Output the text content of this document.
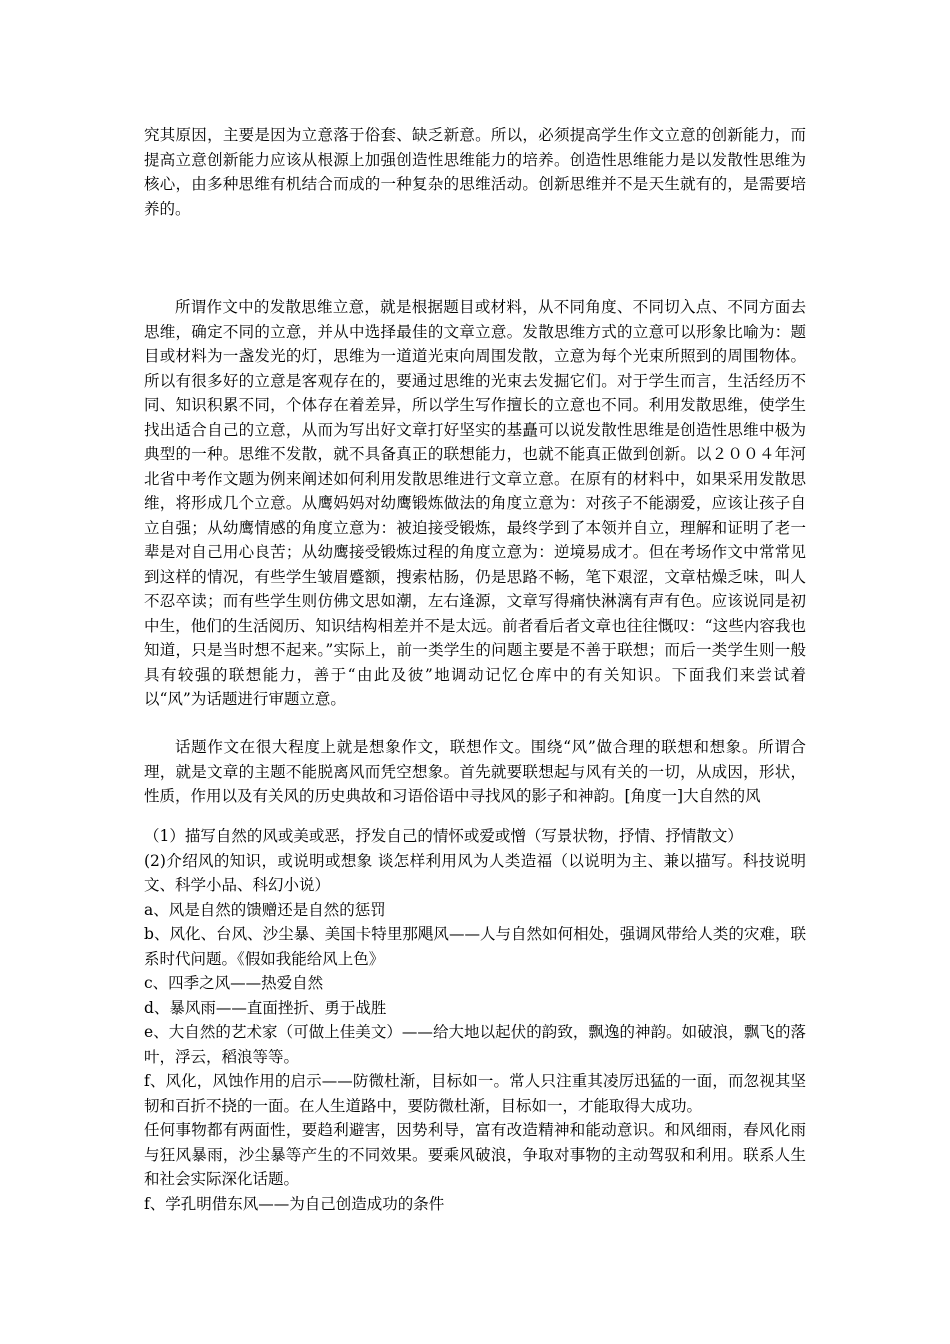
究其原因，主要是因为立意落于俗套、缺乏新意。所以，必须提高学生作文立意的创新能力，而提高立意创新能力应该从根源上加强创造性思维能力的培养。创造性思维能力是以发散性思维为核心，由多种思维有机结合而成的一种复杂的思维活动。创新思维并不是天生就有的，是需要培养的。

所谓作文中的发散思维立意，就是根据题目或材料，从不同角度、不同切入点、不同方面去思维，确定不同的立意，并从中选择最佳的文章立意。发散思维方式的立意可以形象比喻为：题目或材料为一盏发光的灯，思维为一道道光束向周围发散，立意为每个光束所照到的周围物体。所以有很多好的立意是客观存在的，要通过思维的光束去发掘它们。对于学生而言，生活经历不同、知识积累不同，个体存在着差异，所以学生写作擅长的立意也不同。利用发散思维，使学生找出适合自己的立意，从而为写出好文章打好坚实的基矗可以说发散性思维是创造性思维中极为典型的一种。思维不发散，就不具备真正的联想能力，也就不能真正做到创新。以２００４年河北省中考作文题为例来阐述如何利用发散思维进行文章立意。在原有的材料中，如果采用发散思维，将形成几个立意。从鹰妈妈对幼鹰锻炼做法的角度立意为：对孩子不能溺爱，应该让孩子自立自强；从幼鹰情感的角度立意为：被迫接受锻炼，最终学到了本领并自立，理解和证明了老一辈是对自己用心良苦；从幼鹰接受锻炼过程的角度立意为：逆境易成才。但在考场作文中常常见到这样的情况，有些学生皱眉蹙额，搜索枯肠，仍是思路不畅，笔下艰涩，文章枯燥乏味，叫人不忍卒读；而有些学生则仿佛文思如潮，左右逢源，文章写得痛快淋漓有声有色。应该说同是初中生，他们的生活阅历、知识结构相差并不是太远。前者看后者文章也往往慨叹：“这些内容我也知道，只是当时想不起来。”实际上，前一类学生的问题主要是不善于联想；而后一类学生则一般具有较强的联想能力，善于“由此及彼”地调动记忆仓库中的有关知识。下面我们来尝试着以“风”为话题进行审题立意。

话题作文在很大程度上就是想象作文，联想作文。围绕“风”做合理的联想和想象。所谓合理，就是文章的主题不能脱离风而凭空想象。首先就要联想起与风有关的一切，从成因，形状，性质，作用以及有关风的历史典故和习语俗语中寻找风的影子和神韵。[角度一]大自然的风

（1）描写自然的风或美或恶，抒发自己的情怀或爱或憎（写景状物，抒情、抒情散文）
(2)介绍风的知识，或说明或想象 谈怎样利用风为人类造福（以说明为主、兼以描写。科技说明文、科学小品、科幻小说）
a、风是自然的馈赠还是自然的惩罚
b、风化、台风、沙尘暴、美国卡特里那飓风——人与自然如何相处，强调风带给人类的灾难，联系时代问题。《假如我能给风上色》
c、四季之风——热爱自然
d、暴风雨——直面挫折、勇于战胜
e、大自然的艺术家（可做上佳美文）——给大地以起伏的韵致，飘逸的神韵。如破浪，飘飞的落叶，浮云，稻浪等等。
f、风化，风蚀作用的启示——防微杜渐，目标如一。常人只注重其凌厉迅猛的一面，而忽视其坚韧和百折不挠的一面。在人生道路中，要防微杜渐，目标如一，才能取得大成功。
任何事物都有两面性，要趋利避害，因势利导，富有改造精神和能动意识。和风细雨，春风化雨与狂风暴雨，沙尘暴等产生的不同效果。要乘风破浪，争取对事物的主动驾驭和利用。联系人生和社会实际深化话题。
f、学孔明借东风——为自己创造成功的条件
